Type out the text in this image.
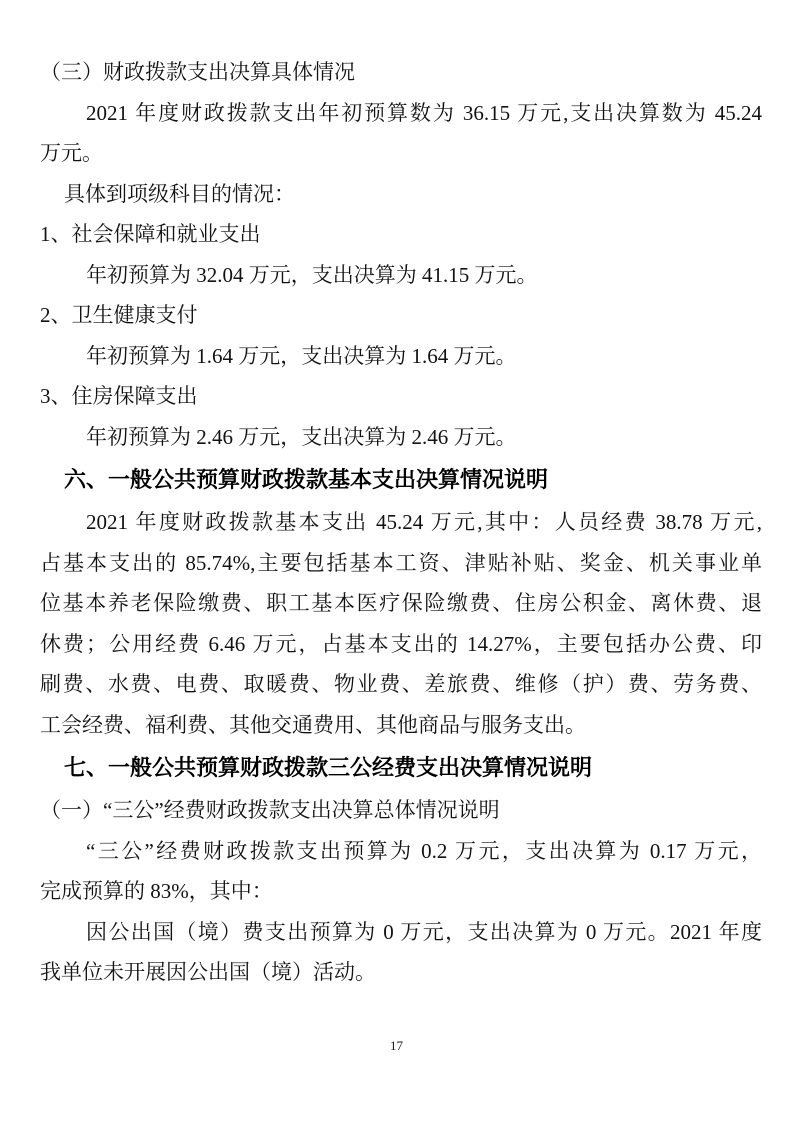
（三）财政拨款支出决算具体情况
2021 年度财政拨款支出年初预算数为 36.15 万元,支出决算数为 45.24
万元。
具体到项级科目的情况：
1、社会保障和就业支出
年初预算为 32.04 万元，支出决算为 41.15 万元。
2、卫生健康支付
年初预算为 1.64 万元，支出决算为 1.64 万元。
3、住房保障支出
年初预算为 2.46 万元，支出决算为 2.46 万元。
六、一般公共预算财政拨款基本支出决算情况说明
2021 年度财政拨款基本支出 45.24 万元,其中：人员经费 38.78 万元,
占基本支出的 85.74%,主要包括基本工资、津贴补贴、奖金、机关事业单
位基本养老保险缴费、职工基本医疗保险缴费、住房公积金、离休费、退
休费；公用经费 6.46 万元，占基本支出的 14.27%，主要包括办公费、印
刷费、水费、电费、取暖费、物业费、差旅费、维修（护）费、劳务费、
工会经费、福利费、其他交通费用、其他商品与服务支出。
七、一般公共预算财政拨款三公经费支出决算情况说明
（一）“三公”经费财政拨款支出决算总体情况说明
“三公”经费财政拨款支出预算为 0.2 万元，支出决算为 0.17 万元，
完成预算的 83%，其中：
因公出国（境）费支出预算为 0 万元，支出决算为 0 万元。2021 年度
我单位未开展因公出国（境）活动。
17
